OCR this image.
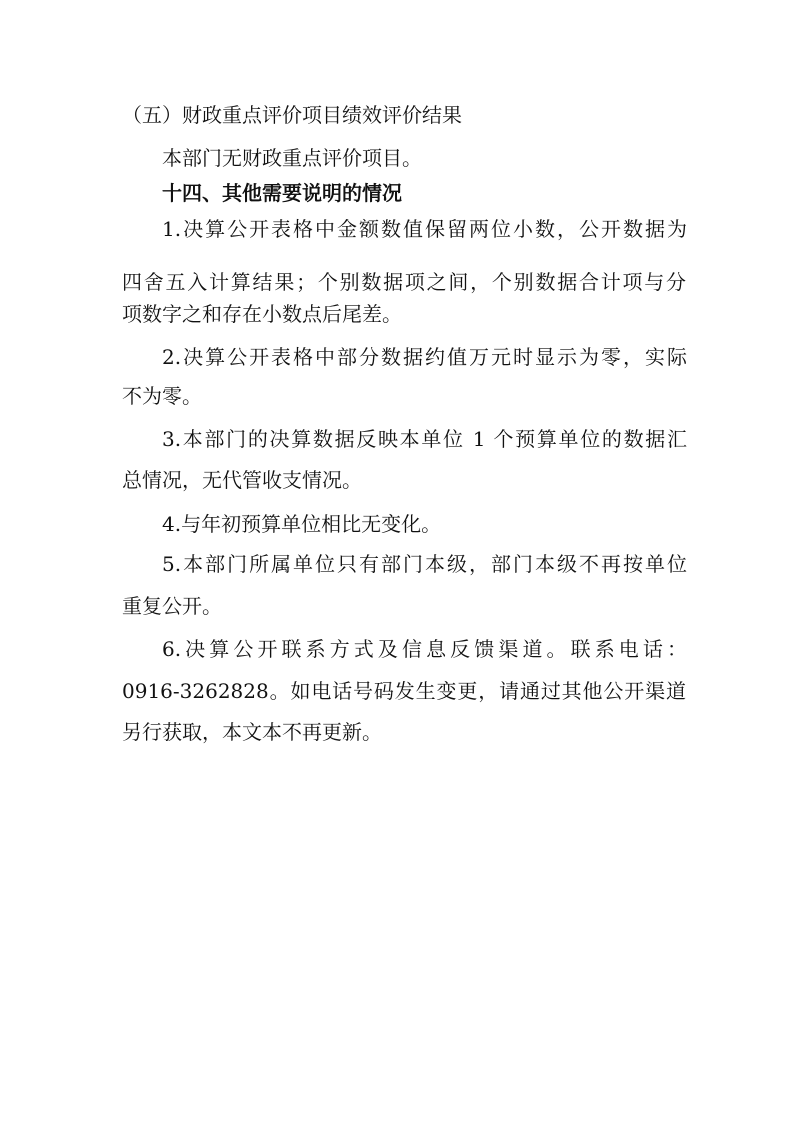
（五）财政重点评价项目绩效评价结果
本部门无财政重点评价项目。
十四、其他需要说明的情况
1.决算公开表格中金额数值保留两位小数，公开数据为
四舍五入计算结果；个别数据项之间，个别数据合计项与分
项数字之和存在小数点后尾差。
2.决算公开表格中部分数据约值万元时显示为零，实际
不为零。
3.本部门的决算数据反映本单位 1 个预算单位的数据汇
总情况，无代管收支情况。
4.与年初预算单位相比无变化。
5.本部门所属单位只有部门本级，部门本级不再按单位
重复公开。
6.决算公开联系方式及信息反馈渠道。联系电话：
0916-3262828。如电话号码发生变更，请通过其他公开渠道
另行获取，本文本不再更新。
